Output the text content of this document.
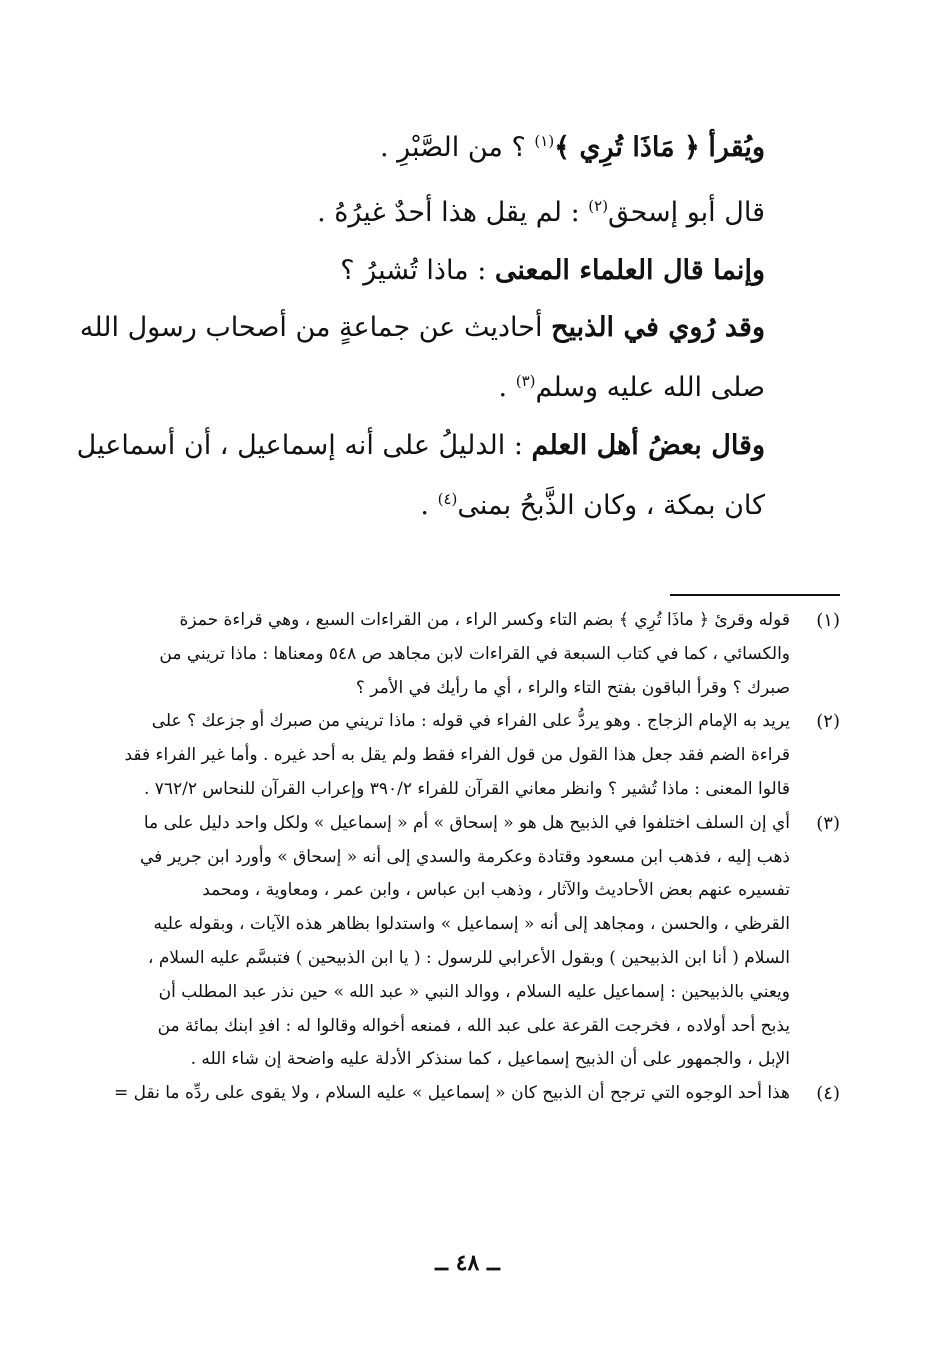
ويُقرأ ﴿ مَاذَا تُرِي ﴾$^{(١)}$ ؟ من الصَّبْرِ .
قال أبو إسحق$^{(٢)}$ : لم يقل هذا أحدٌ غيرُهُ .
وإنما قال العلماء المعنى : ماذا تُشيرُ ؟
وقد رُوي في الذبيح أحاديث عن جماعةٍ من أصحاب رسول الله
صلى الله عليه وسلم$^{(٣)}$ .
وقال بعضُ أهل العلم : الدليلُ على أنه إسماعيل ، أن أسماعيل
كان بمكة ، وكان الذَّبحُ بمنى$^{(٤)}$ .
(١)
قوله وقرئ ﴿ ماذَا تُرِي ﴾ بضم التاء وكسر الراء ، من القراءات السبع ، وهي قراءة حمزة
والكسائي ، كما في كتاب السبعة في القراءات لابن مجاهد ص ٥٤٨ ومعناها : ماذا تريني من
صبرك ؟ وقرأ الباقون بفتح التاء والراء ، أي ما رأيك في الأمر ؟
(٢)
يريد به الإمام الزجاج . وهو يردُّ على الفراء في قوله : ماذا تريني من صبرك أو جزعك ؟ على
قراءة الضم فقد جعل هذا القول من قول الفراء فقط ولم يقل به أحد غيره . وأما غير الفراء فقد
قالوا المعنى : ماذا تُشير ؟ وانظر معاني القرآن للفراء ٣٩٠/٢ وإعراب القرآن للنحاس ٧٦٢/٢ .
(٣)
أي إن السلف اختلفوا في الذبيح هل هو « إسحاق » أم « إسماعيل » ولكل واحد دليل على ما
ذهب إليه ، فذهب ابن مسعود وقتادة وعكرمة والسدي إلى أنه « إسحاق » وأورد ابن جرير في
تفسيره عنهم بعض الأحاديث والآثار ، وذهب ابن عباس ، وابن عمر ، ومعاوية ، ومحمد
القرظي ، والحسن ، ومجاهد إلى أنه « إسماعيل » واستدلوا بظاهر هذه الآيات ، وبقوله عليه
السلام ( أنا ابن الذبيحين ) وبقول الأعرابي للرسول : ( يا ابن الذبيحين ) فتبسَّم عليه السلام ،
ويعني بالذبيحين : إسماعيل عليه السلام ، ووالد النبي « عبد الله » حين نذر عبد المطلب أن
يذبح أحد أولاده ، فخرجت القرعة على عبد الله ، فمنعه أخواله وقالوا له : افدِ ابنك بمائة من
الإبل ، والجمهور على أن الذبيح إسماعيل ، كما سنذكر الأدلة عليه واضحة إن شاء الله .
(٤)
هذا أحد الوجوه التي ترجح أن الذبيح كان « إسماعيل » عليه السلام ، ولا يقوى على ردِّه ما نقل =
ــ ٤٨ ــ
